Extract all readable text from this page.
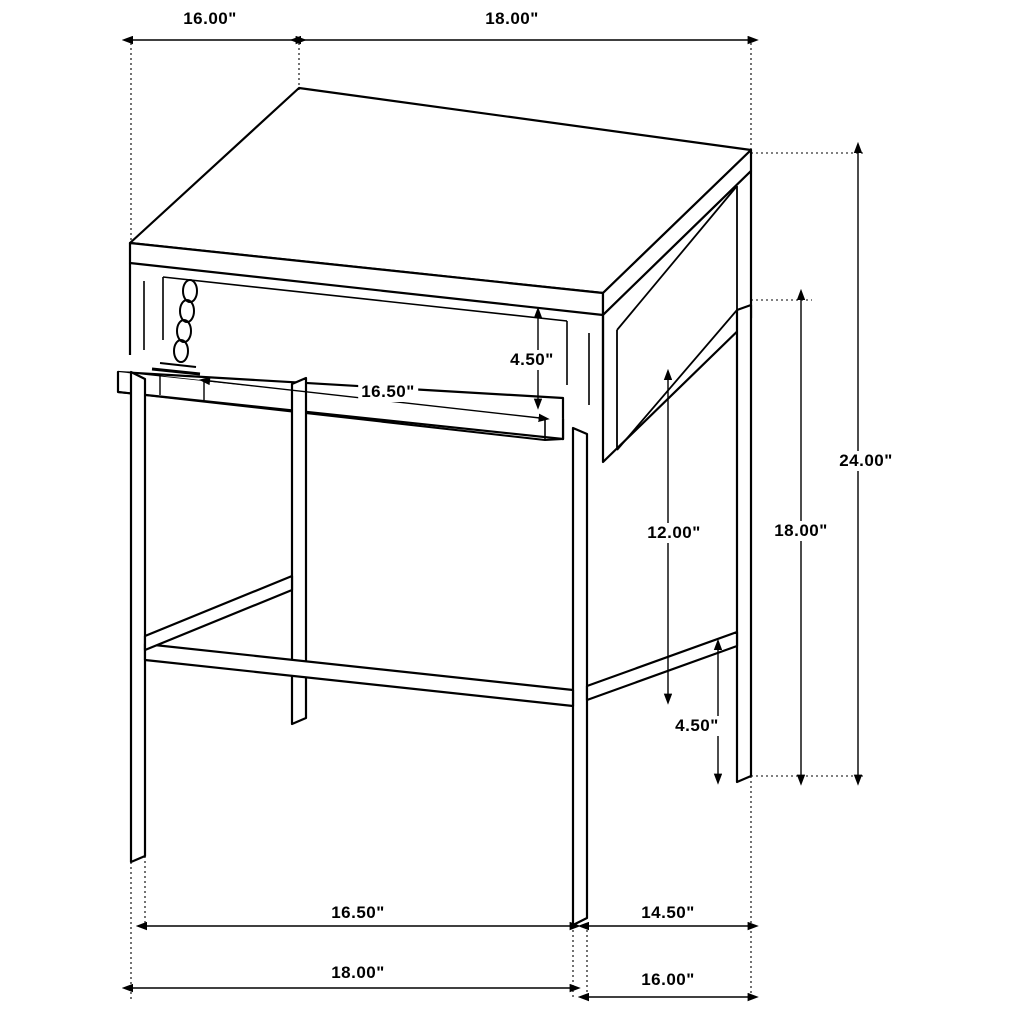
16.00"	18.00"
4.50"
16.50"
12.00"
4.50"
18.00"
24.00"
16.50"	14.50"
18.00"	16.00"
